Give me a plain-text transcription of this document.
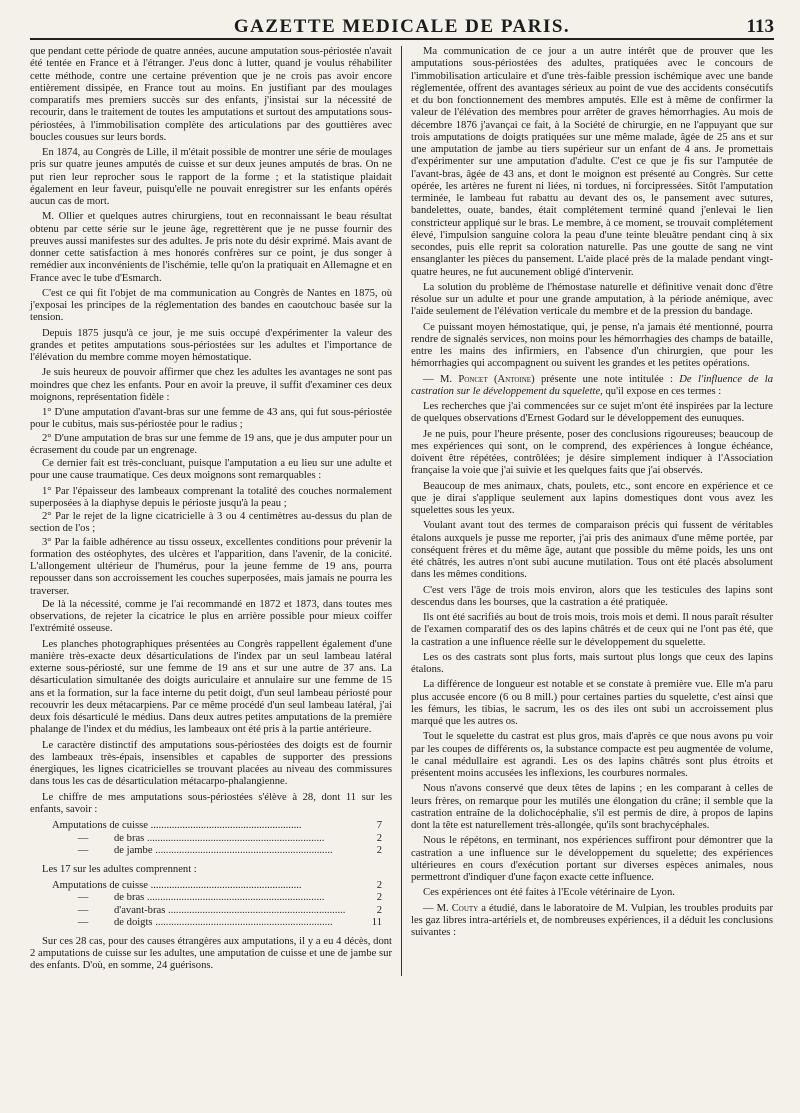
GAZETTE MEDICALE DE PARIS.	113

que pendant cette période de quatre années, aucune amputation sous-périostée n'avait été tentée en France et à l'étranger. J'eus donc à lutter, quand je voulus réhabiliter cette méthode, contre une certaine prévention que je ne crois pas avoir encore entièrement dissipée, en France tout au moins. En justifiant par des moulages comparatifs mes premiers succès sur des enfants, j'insistai sur la nécessité de recourir, dans le traitement de toutes les amputations et surtout des amputations sous-périostées, à l'immobilisation complète des articulations par des gouttières avec boucles cousues sur leurs bords.

En 1874, au Congrès de Lille, il m'était possible de montrer une série de moulages pris sur quatre jeunes amputés de cuisse et sur deux jeunes amputés de bras. On ne put rien leur reprocher sous le rapport de la forme ; et la statistique plaidait également en leur faveur, puisqu'elle ne pouvait enregistrer sur les enfants opérés aucun cas de mort.

M. Ollier et quelques autres chirurgiens, tout en reconnaissant le beau résultat obtenu par cette série sur le jeune âge, regrettèrent que je ne pusse fournir des preuves aussi manifestes sur des adultes. Je pris note du désir exprimé. Mais avant de donner cette satisfaction à mes honorés confrères sur ce point, je dus songer à remédier aux inconvénients de l'ischémie, telle qu'on la pratiquait en Allemagne et en France avec le tube d'Esmarch.

C'est ce qui fit l'objet de ma communication au Congrès de Nantes en 1875, où j'exposai les principes de la réglementation des bandes en caoutchouc basée sur la tension.

Depuis 1875 jusqu'à ce jour, je me suis occupé d'expérimenter la valeur des grandes et petites amputations sous-périostées sur les adultes et l'importance de l'élévation du membre comme moyen hémostatique.

Je suis heureux de pouvoir affirmer que chez les adultes les avantages ne sont pas moindres que chez les enfants. Pour en avoir la preuve, il suffit d'examiner ces deux moignons, représentation fidèle :

1° D'une amputation d'avant-bras sur une femme de 43 ans, qui fut sous-périostée pour le cubitus, mais sus-périostée pour le radius ;

2° D'une amputation de bras sur une femme de 19 ans, que je dus amputer pour un écrasement du coude par un engrenage.

Ce dernier fait est très-concluant, puisque l'amputation a eu lieu sur une adulte et pour une cause traumatique. Ces deux moignons sont remarquables :

1° Par l'épaisseur des lambeaux comprenant la totalité des couches normalement superposées à la diaphyse depuis le périoste jusqu'à la peau ;

2° Par le rejet de la ligne cicatricielle à 3 ou 4 centimètres au-dessus du plan de section de l'os ;

3° Par la faible adhérence au tissu osseux, excellentes conditions pour prévenir la formation des ostéophytes, des ulcères et l'apparition, dans l'avenir, de la conicité. L'allongement ultérieur de l'humérus, pour la jeune femme de 19 ans, pourra repousser dans son accroissement les couches superposées, mais jamais ne pourra les traverser.

De là la nécessité, comme je l'ai recommandé en 1872 et 1873, dans toutes mes observations, de rejeter la cicatrice le plus en arrière possible pour mieux coiffer l'extrémité osseuse.

Les planches photographiques présentées au Congrès rappellent également d'une manière très-exacte deux désarticulations de l'index par un seul lambeau latéral externe sous-périosté, sur une femme de 19 ans et sur une autre de 37 ans. La désarticulation simultanée des doigts auriculaire et annulaire sur une femme de 15 ans et la formation, sur la face interne du petit doigt, d'un seul lambeau périosté pour recouvrir les deux métacarpiens. Par ce même procédé d'un seul lambeau latéral, j'ai deux fois désarticulé le médius. Dans deux autres petites amputations de la première phalange de l'index et du médius, les lambeaux ont été pris à la partie antérieure.

Le caractère distinctif des amputations sous-périostées des doigts est de fournir des lambeaux très-épais, insensibles et capables de supporter des pressions énergiques, les lignes cicatricielles se trouvant placées au niveau des commissures dans tous les cas de désarticulation métacarpo-phalangienne.

Le chiffre de mes amputations sous-périostées s'élève à 28, dont 11 sur les enfants, savoir :

Amputations de cuisse .........................................................		7
—	de bras .....	2
—	de jambe .....	2

Les 17 sur les adultes comprennent :

Amputations de cuisse .........................................................		2
—	de bras .....	2
—	d'avant-bras .....	2
—	de doigts .....	11

Sur ces 28 cas, pour des causes étrangères aux amputations, il y a eu 4 décès, dont 2 amputations de cuisse sur les adultes, une amputation de cuisse et une de jambe sur des enfants. D'où, en somme, 24 guérisons.

Ma communication de ce jour a un autre intérêt que de prouver que les amputations sous-périostées des adultes, pratiquées avec le concours de l'immobilisation articulaire et d'une très-faible pression ischémique avec une bande réglementée, offrent des avantages sérieux au point de vue des accidents consécutifs et du bon fonctionnement des membres amputés. Elle est à même de confirmer la valeur de l'élévation des membres pour arrêter de graves hémorrhagies. Au mois de décembre 1876 j'avançai ce fait, à la Société de chirurgie, en ne l'appuyant que sur trois amputations de doigts pratiquées sur une même malade, âgée de 25 ans et sur une amputation de jambe au tiers supérieur sur un enfant de 4 ans. Je promettais d'expérimenter sur une amputation d'adulte. C'est ce que je fis sur l'amputée de l'avant-bras, âgée de 43 ans, et dont le moignon est présenté au Congrès. Sur cette opérée, les artères ne furent ni liées, ni tordues, ni forcipressées. Sitôt l'amputation terminée, le lambeau fut rabattu au devant des os, le pansement avec sutures, bandelettes, ouate, bandes, était complétement terminé quand j'enlevai le lien constricteur appliqué sur le bras. Le membre, à ce moment, se trouvait complétement élevé, l'impulsion sanguine colora la peau d'une teinte bleuâtre pendant cinq à six secondes, puis elle reprit sa coloration naturelle. Pas une goutte de sang ne vint ensanglanter les pièces du pansement. L'aide placé près de la malade pendant vingt-quatre heures, ne fut aucunement obligé d'intervenir.

La solution du problème de l'hémostase naturelle et définitive venait donc d'être résolue sur un adulte et pour une grande amputation, à la période anémique, avec l'aide seulement de l'élévation verticale du membre et de la pression du bandage.

Ce puissant moyen hémostatique, qui, je pense, n'a jamais été mentionné, pourra rendre de signalés services, non moins pour les hémorrhagies des champs de bataille, entre les mains des infirmiers, en l'absence d'un chirurgien, que pour les hémorrhagies qui accompagnent ou suivent les grandes et les petites opérations.

— M. Poncet (Antoine) présente une note intitulée : De l'influence de la castration sur le développement du squelette, qu'il expose en ces termes :

Les recherches que j'ai commencées sur ce sujet m'ont été inspirées par la lecture de quelques observations d'Ernest Godard sur le développement des eunuques.

Je ne puis, pour l'heure présente, poser des conclusions rigoureuses; beaucoup de mes expériences qui sont, on le comprend, des expériences à longue échéance, doivent être répétées, contrôlées; je désire simplement indiquer à l'Association française la voie que j'ai suivie et les quelques faits que j'ai observés.

Beaucoup de mes animaux, chats, poulets, etc., sont encore en expérience et ce que je dirai s'applique seulement aux lapins domestiques dont vous avez les squelettes sous les yeux.

Voulant avant tout des termes de comparaison précis qui fussent de véritables étalons auxquels je pusse me reporter, j'ai pris des animaux d'une même portée, par conséquent frères et du même âge, autant que possible du même poids, les uns ont été châtrés, les autres n'ont subi aucune mutilation. Tous ont été placés absolument dans les mêmes conditions.

C'est vers l'âge de trois mois environ, alors que les testicules des lapins sont descendus dans les bourses, que la castration a été pratiquée.

Ils ont été sacrifiés au bout de trois mois, trois mois et demi. Il nous paraît résulter de l'examen comparatif des os des lapins châtrés et de ceux qui ne l'ont pas été, que la castration a une influence réelle sur le développement du squelette.

Les os des castrats sont plus forts, mais surtout plus longs que ceux des lapins étalons.

La différence de longueur est notable et se constate à première vue. Elle m'a paru plus accusée encore (6 ou 8 mill.) pour certaines parties du squelette, c'est ainsi que les fémurs, les tibias, le sacrum, les os des iles ont subi un accroissement plus marqué que les autres os.

Tout le squelette du castrat est plus gros, mais d'après ce que nous avons pu voir par les coupes de différents os, la substance compacte est peu augmentée de volume, le canal médullaire est agrandi. Les os des lapins châtrés sont plus étroits et présentent moins accusées les inflexions, les courbures normales.

Nous n'avons conservé que deux têtes de lapins ; en les comparant à celles de leurs frères, on remarque pour les mutilés une élongation du crâne; il semble que la castration entraîne de la dolichocéphalie, s'il est permis de dire, à propos de lapins dont la tête est naturellement très-allongée, qu'ils sont brachycéphales.

Nous le répétons, en terminant, nos expériences suffiront pour démontrer que la castration a une influence sur le développement du squelette; des expériences ultérieures en cours d'exécution portant sur diverses espèces animales, nous permettront d'indiquer d'une façon exacte cette influence.

Ces expériences ont été faites à l'Ecole vétérinaire de Lyon.

— M. Couty a étudié, dans le laboratoire de M. Vulpian, les troubles produits par les gaz libres intra-artériels et, de nombreuses expériences, il a déduit les conclusions suivantes :
